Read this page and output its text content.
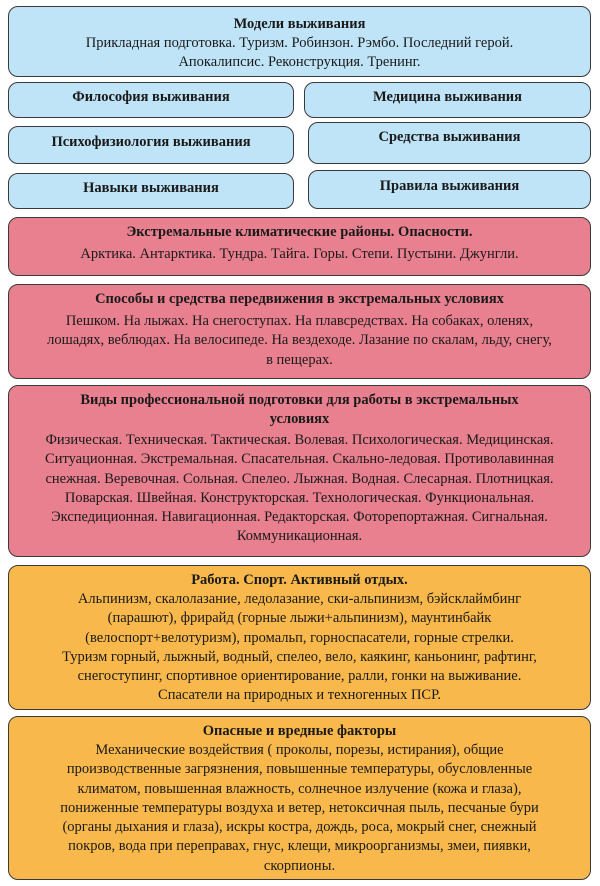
Модели выживания
Прикладная подготовка. Туризм. Робинзон. Рэмбо. Последний герой.
Апокалипсис. Реконструкция. Тренинг.
Философия выживания	Медицина выживания
Психофизиология выживания	Средства выживания
Навыки выживания	Правила выживания
Экстремальные климатические районы. Опасности.
Арктика. Антарктика. Тундра. Тайга. Горы. Степи. Пустыни. Джунгли.
Способы и средства передвижения в экстремальных условиях
Пешком. На лыжах. На снегоступах. На плавсредствах. На собаках, оленях,
лошадях, веблюдах. На велосипеде. На вездеходе. Лазание по скалам, льду, снегу,
в пещерах.
Виды профессиональной подготовки для работы в экстремальных
условиях
Физическая. Техническая. Тактическая. Волевая. Психологическая. Медицинская.
Ситуационная. Экстремальная. Спасательная. Скально-ледовая. Противолавинная
снежная. Веревочная. Сольная. Спелео. Лыжная. Водная. Слесарная. Плотницкая.
Поварская. Швейная. Конструкторская. Технологическая. Функциональная.
Экспедиционная. Навигационная. Редакторская. Фоторепортажная. Сигнальная.
Коммуникационная.
Работа. Спорт. Активный отдых.
Альпинизм, скалолазание, ледолазание, ски-альпинизм, бэйсклаймбинг
(парашют), фрирайд (горные лыжи+альпинизм), маунтинбайк
(велоспорт+велотуризм), промальп, горноспасатели, горные стрелки.
Туризм горный, лыжный, водный, спелео, вело, каякинг, каньонинг, рафтинг,
снегоступинг, спортивное ориентирование, ралли, гонки на выживание.
Спасатели на природных и техногенных ПСР.
Опасные и вредные факторы
Механические воздействия ( проколы, порезы, истирания), общие
производственные загрязнения, повышенные температуры, обусловленные
климатом, повышенная влажность, солнечное излучение (кожа и глаза),
пониженные температуры воздуха и ветер, нетоксичная пыль, песчаные бури
(органы дыхания и глаза), искры костра, дождь, роса, мокрый снег, снежный
покров, вода при переправах, гнус, клещи, микроорганизмы, змеи, пиявки,
скорпионы.
